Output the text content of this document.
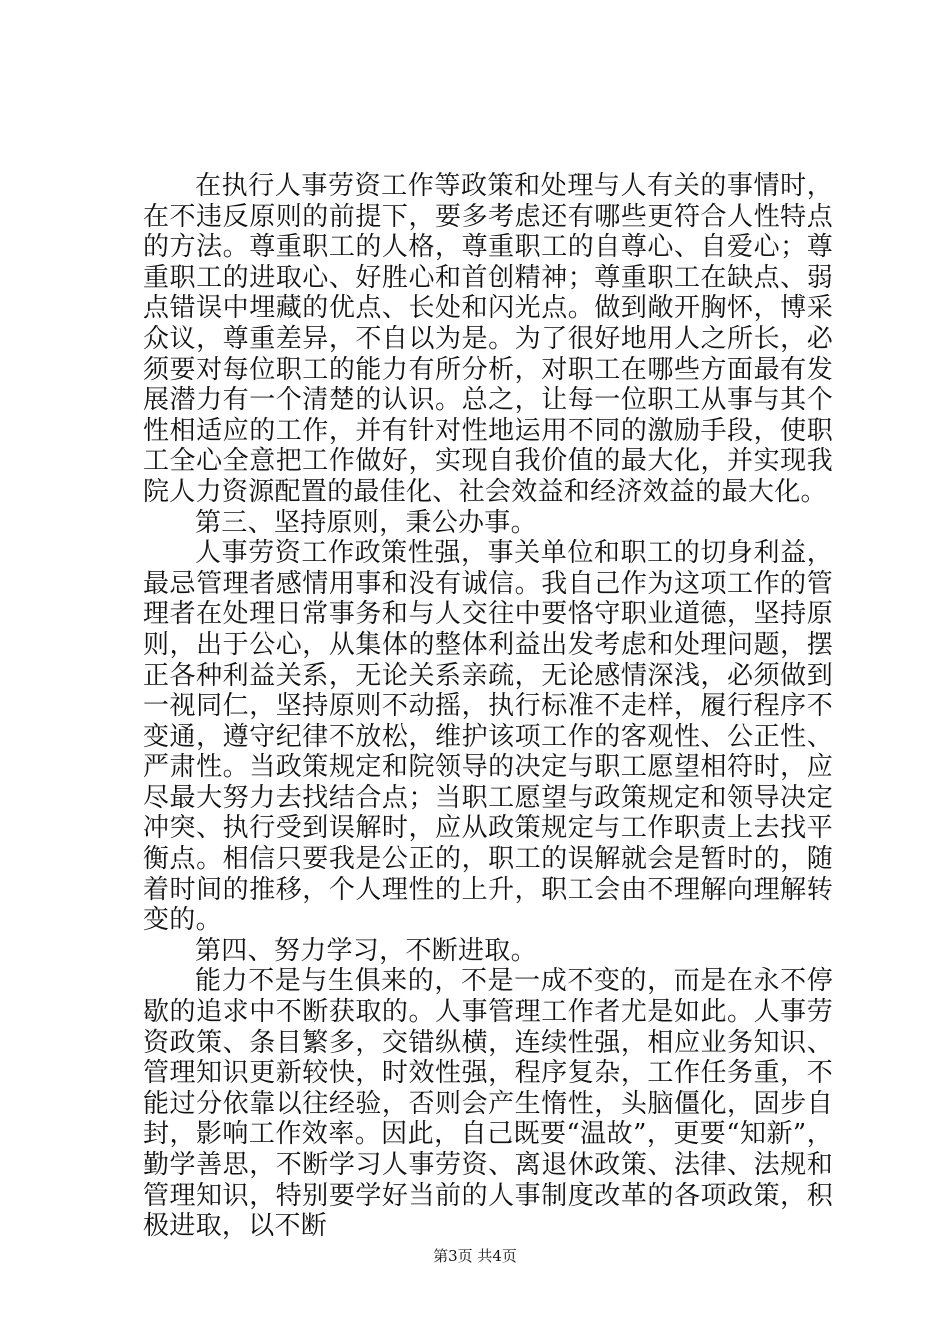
在执行人事劳资工作等政策和处理与人有关的事情时，在不违反原则的前提下，要多考虑还有哪些更符合人性特点的方法。尊重职工的人格，尊重职工的自尊心、自爱心；尊重职工的进取心、好胜心和首创精神；尊重职工在缺点、弱点错误中埋藏的优点、长处和闪光点。做到敞开胸怀，博采众议，尊重差异，不自以为是。为了很好地用人之所长，必须要对每位职工的能力有所分析，对职工在哪些方面最有发展潜力有一个清楚的认识。总之，让每一位职工从事与其个性相适应的工作，并有针对性地运用不同的激励手段，使职工全心全意把工作做好，实现自我价值的最大化，并实现我院人力资源配置的最佳化、社会效益和经济效益的最大化。

第三、坚持原则，秉公办事。

人事劳资工作政策性强，事关单位和职工的切身利益，最忌管理者感情用事和没有诚信。我自己作为这项工作的管理者在处理日常事务和与人交往中要恪守职业道德，坚持原则，出于公心，从集体的整体利益出发考虑和处理问题，摆正各种利益关系，无论关系亲疏，无论感情深浅，必须做到一视同仁，坚持原则不动摇，执行标准不走样，履行程序不变通，遵守纪律不放松，维护该项工作的客观性、公正性、严肃性。当政策规定和院领导的决定与职工愿望相符时，应尽最大努力去找结合点；当职工愿望与政策规定和领导决定冲突、执行受到误解时，应从政策规定与工作职责上去找平衡点。相信只要我是公正的，职工的误解就会是暂时的，随着时间的推移，个人理性的上升，职工会由不理解向理解转变的。

第四、努力学习，不断进取。

能力不是与生俱来的，不是一成不变的，而是在永不停歇的追求中不断获取的。人事管理工作者尤是如此。人事劳资政策、条目繁多，交错纵横，连续性强，相应业务知识、管理知识更新较快，时效性强，程序复杂，工作任务重，不能过分依靠以往经验，否则会产生惰性，头脑僵化，固步自封，影响工作效率。因此，自己既要“温故”，更要“知新”，勤学善思，不断学习人事劳资、离退休政策、法律、法规和管理知识，特别要学好当前的人事制度改革的各项政策，积极进取，以不断

第3页 共4页
